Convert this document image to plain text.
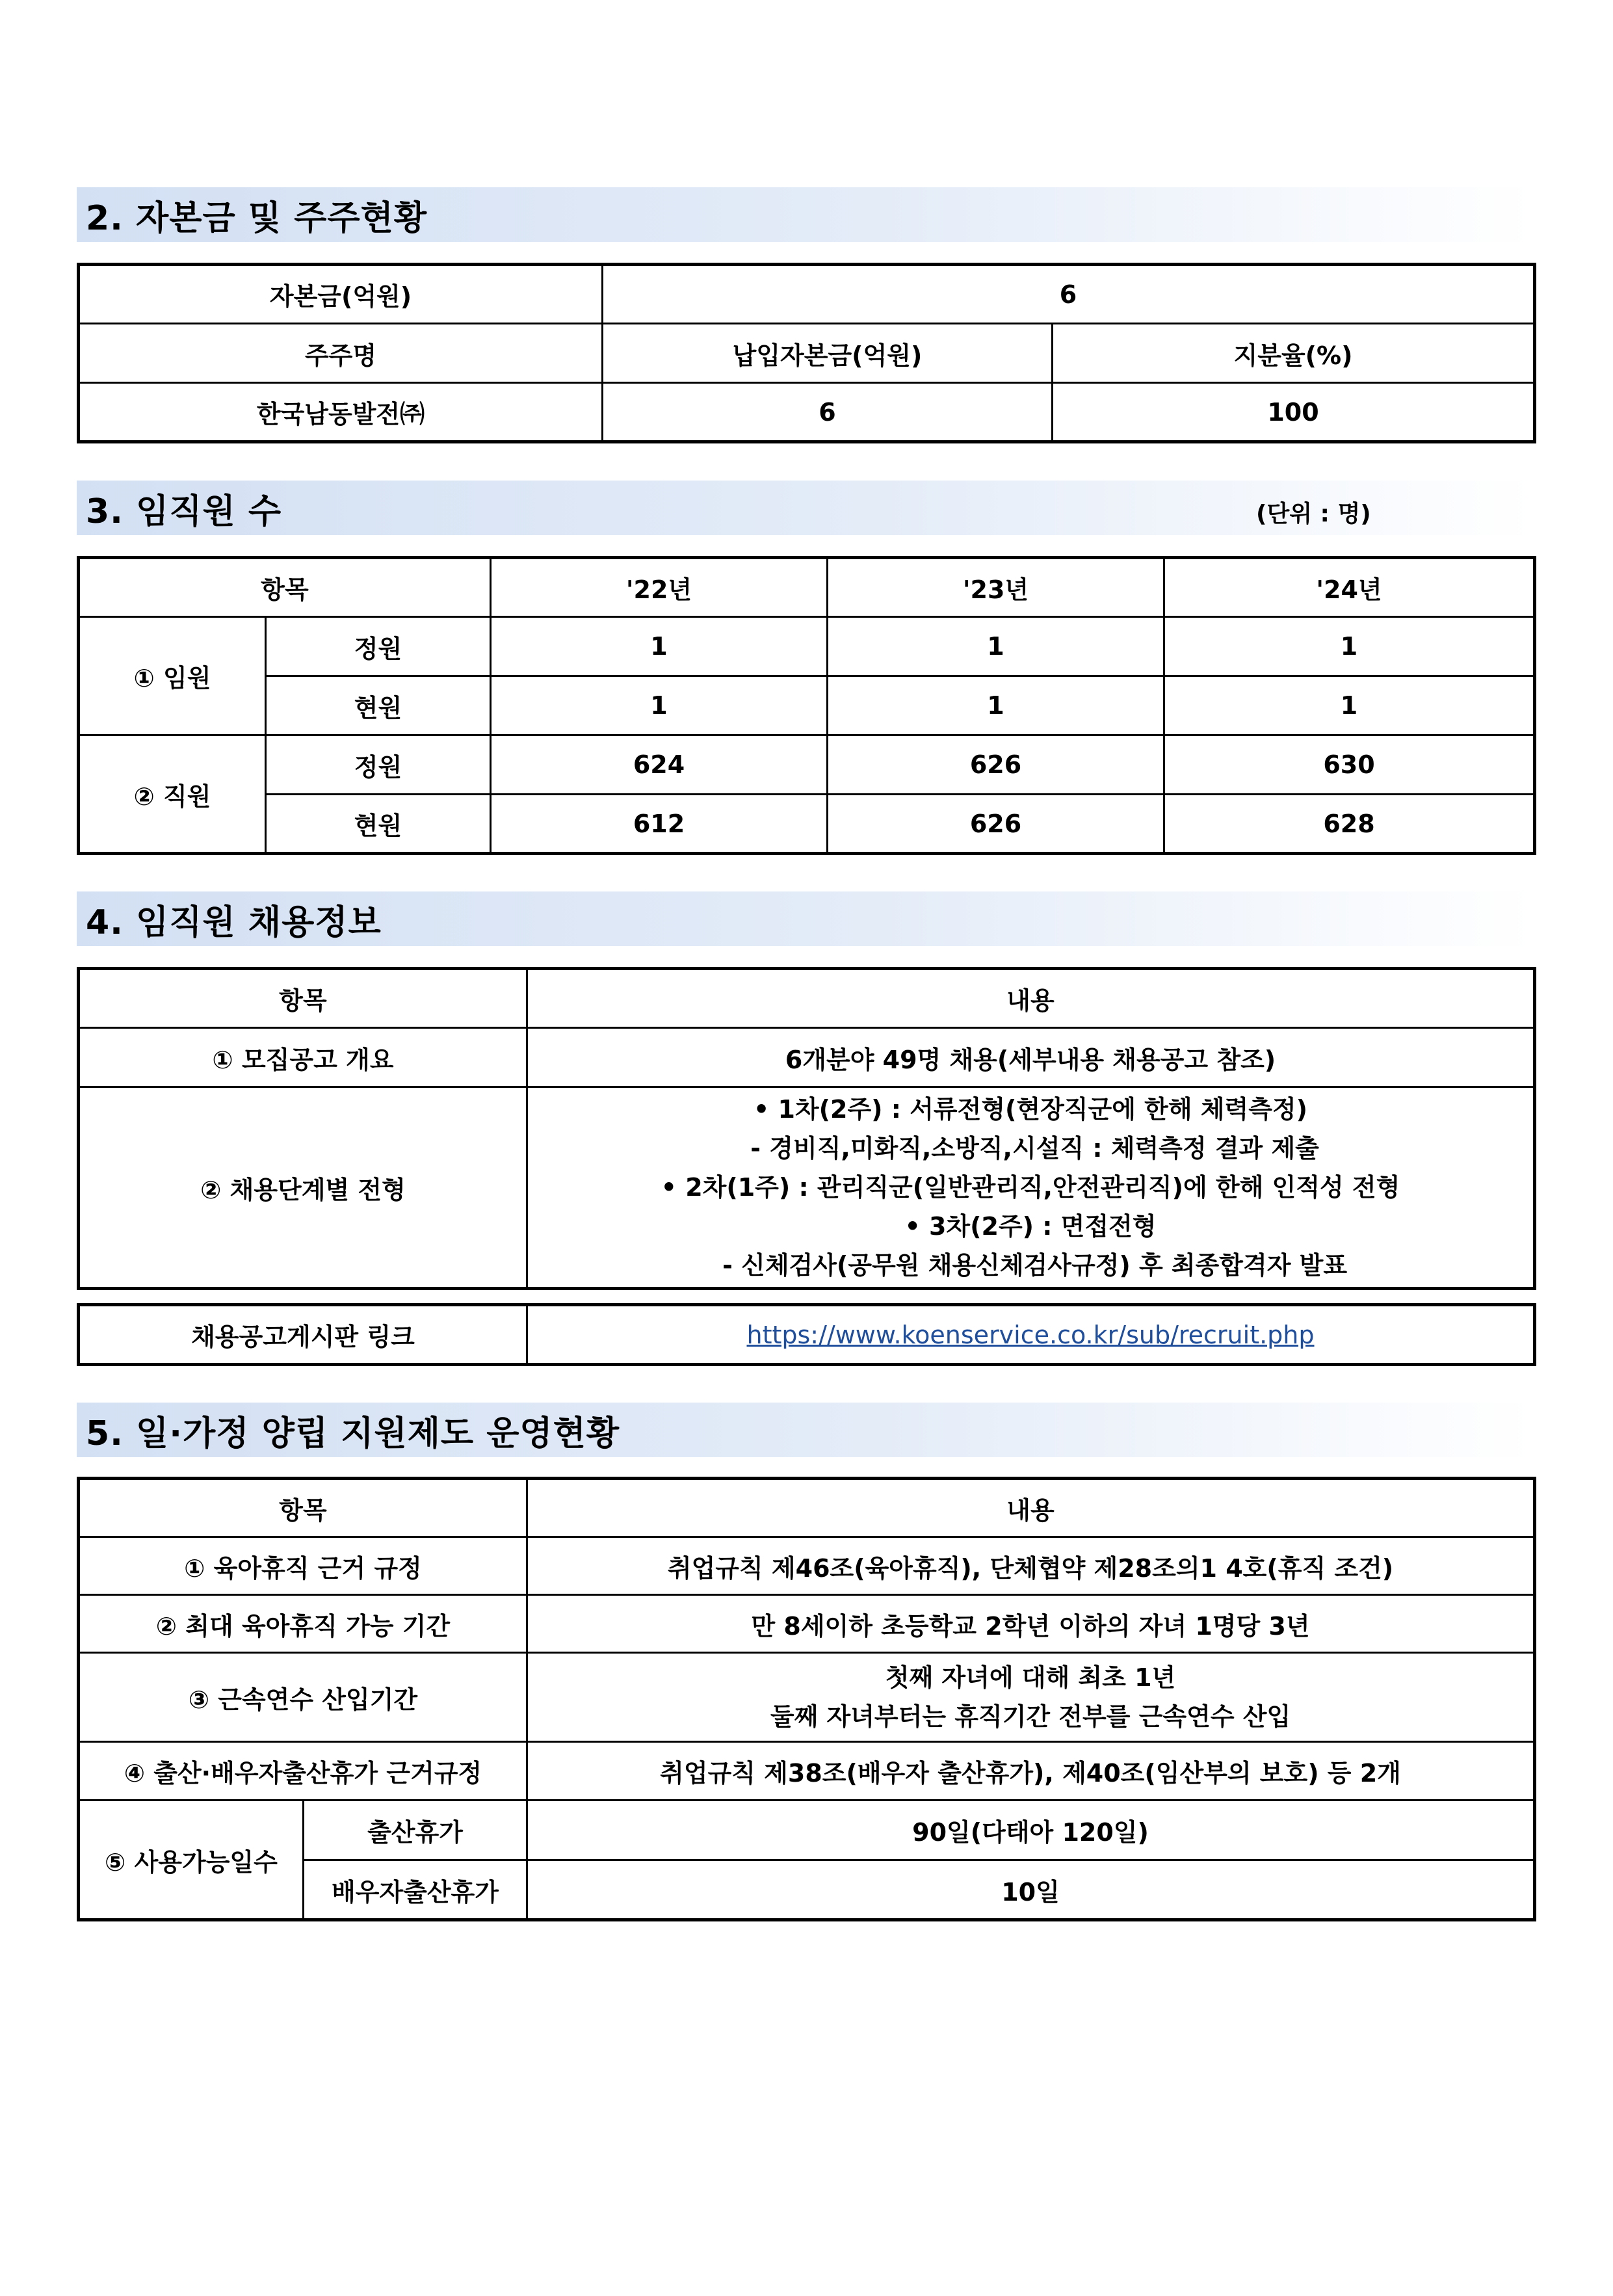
2. 자본금 및 주주현황
자본금(억원)	6	
주주명	납입자본금(억원)	지분율(%)
한국남동발전㈜	6	100
3. 임직원 수	(단위 : 명)
항목		'22년	'23년	'24년
① 임원	정원	1	1	1
	현원	1	1	1
② 직원	정원	624	626	630
	현원	612	626	628
4. 임직원 채용정보
항목	내용
① 모집공고 개요	6개분야 49명 채용(세부내용 채용공고 참조)
② 채용단계별 전형	• 1차(2주) : 서류전형(현장직군에 한해 체력측정)
- 경비직,미화직,소방직,시설직 : 체력측정 결과 제출
• 2차(1주) : 관리직군(일반관리직,안전관리직)에 한해 인적성 전형
• 3차(2주) : 면접전형
- 신체검사(공무원 채용신체검사규정) 후 최종합격자 발표
채용공고게시판 링크	https://www.koenservice.co.kr/sub/recruit.php
5. 일·가정 양립 지원제도 운영현황
항목		내용
① 육아휴직 근거 규정		취업규칙 제46조(육아휴직), 단체협약 제28조의1 4호(휴직 조건)
② 최대 육아휴직 가능 기간		만 8세이하 초등학교 2학년 이하의 자녀 1명당 3년
③ 근속연수 산입기간		첫째 자녀에 대해 최초 1년
둘째 자녀부터는 휴직기간 전부를 근속연수 산입

④ 출산·배우자출산휴가 근거규정		취업규칙 제38조(배우자 출산휴가), 제40조(임산부의 보호) 등 2개
⑤ 사용가능일수	출산휴가	90일(다태아 120일)
	배우자출산휴가	10일
